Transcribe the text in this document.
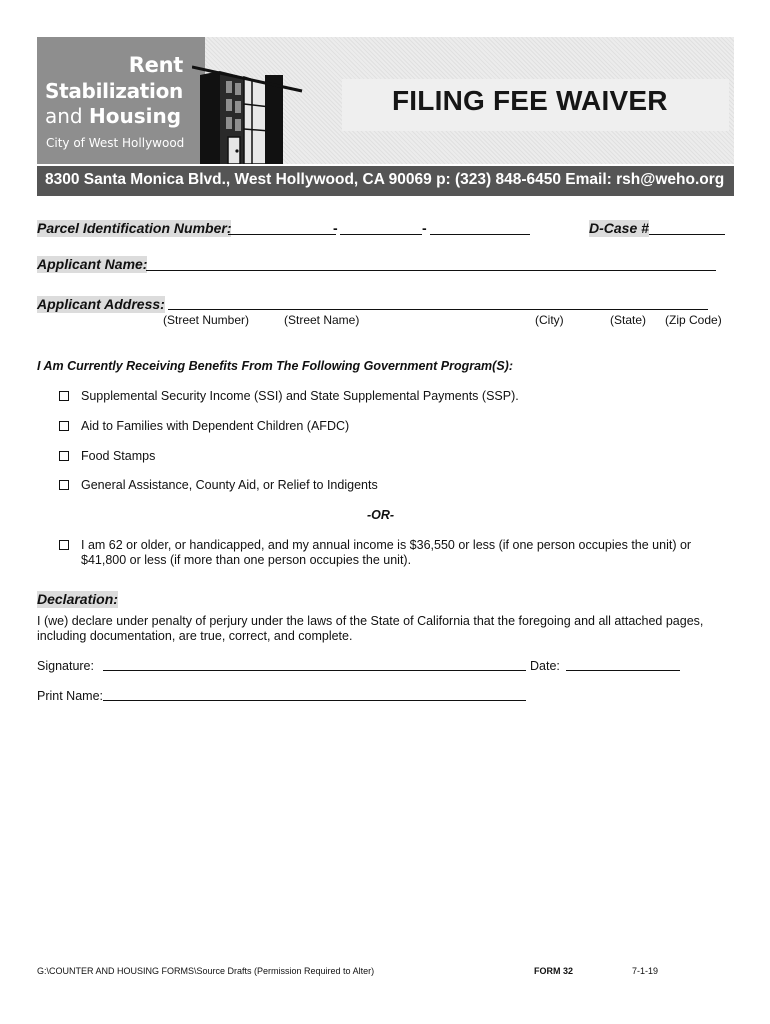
Rent
Stabilization
and Housing
City of West Hollywood
FILING FEE WAIVER
8300 Santa Monica Blvd., West Hollywood, CA 90069 p: (323) 848-6450 Email: rsh@weho.org
Parcel Identification Number:	-	-	D-Case #
Applicant Name:
Applicant Address:
(Street Number)	(Street Name)	(City)	(State) (Zip Code)
I Am Currently Receiving Benefits From The Following Government Program(S):
Supplemental Security Income (SSI) and State Supplemental Payments (SSP).
Aid to Families with Dependent Children (AFDC)
Food Stamps
General Assistance, County Aid, or Relief to Indigents
-OR-
I am 62 or older, or handicapped, and my annual income is $36,550 or less (if one person occupies the unit) or
$41,800 or less (if more than one person occupies the unit).
Declaration:
I (we) declare under penalty of perjury under the laws of the State of California that the foregoing and all attached pages,
including documentation, are true, correct, and complete.
Signature:	Date:
Print Name:
G:\COUNTER AND HOUSING FORMS\Source Drafts (Permission Required to Alter)	FORM 32	7-1-19
